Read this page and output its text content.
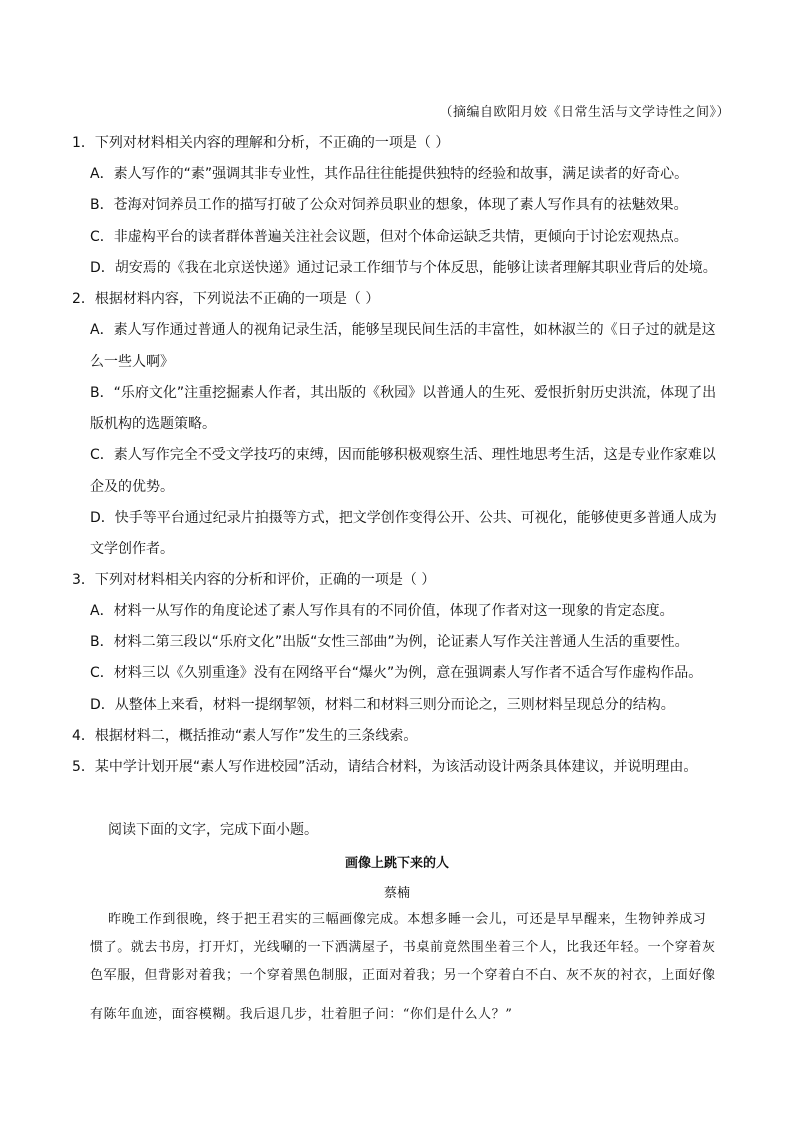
（摘编自欧阳月姣《日常生活与文学诗性之间》）
1．下列对材料相关内容的理解和分析，不正确的一项是（ ）
A．素人写作的“素”强调其非专业性，其作品往往能提供独特的经验和故事，满足读者的好奇心。
B．苍海对饲养员工作的描写打破了公众对饲养员职业的想象，体现了素人写作具有的祛魅效果。
C．非虚构平台的读者群体普遍关注社会议题，但对个体命运缺乏共情，更倾向于讨论宏观热点。
D．胡安焉的《我在北京送快递》通过记录工作细节与个体反思，能够让读者理解其职业背后的处境。
2．根据材料内容，下列说法不正确的一项是（ ）
A．素人写作通过普通人的视角记录生活，能够呈现民间生活的丰富性，如林淑兰的《日子过的就是这
么一些人啊》
B．“乐府文化”注重挖掘素人作者，其出版的《秋园》以普通人的生死、爱恨折射历史洪流，体现了出
版机构的选题策略。
C．素人写作完全不受文学技巧的束缚，因而能够积极观察生活、理性地思考生活，这是专业作家难以
企及的优势。
D．快手等平台通过纪录片拍摄等方式，把文学创作变得公开、公共、可视化，能够使更多普通人成为
文学创作者。
3．下列对材料相关内容的分析和评价，正确的一项是（ ）
A．材料一从写作的角度论述了素人写作具有的不同价值，体现了作者对这一现象的肯定态度。
B．材料二第三段以“乐府文化”出版“女性三部曲”为例，论证素人写作关注普通人生活的重要性。
C．材料三以《久别重逢》没有在网络平台“爆火”为例，意在强调素人写作者不适合写作虚构作品。
D．从整体上来看，材料一提纲挈领，材料二和材料三则分而论之，三则材料呈现总分的结构。
4．根据材料二，概括推动“素人写作”发生的三条线索。
5．某中学计划开展“素人写作进校园”活动，请结合材料，为该活动设计两条具体建议，并说明理由。
阅读下面的文字，完成下面小题。
画像上跳下来的人
蔡楠
昨晚工作到很晚，终于把王君实的三幅画像完成。本想多睡一会儿，可还是早早醒来，生物钟养成习
惯了。就去书房，打开灯，光线唰的一下洒满屋子，书桌前竟然围坐着三个人，比我还年轻。一个穿着灰
色军服，但背影对着我；一个穿着黑色制服，正面对着我；另一个穿着白不白、灰不灰的衬衣，上面好像
有陈年血迹，面容模糊。我后退几步，壮着胆子问：“你们是什么人？”
